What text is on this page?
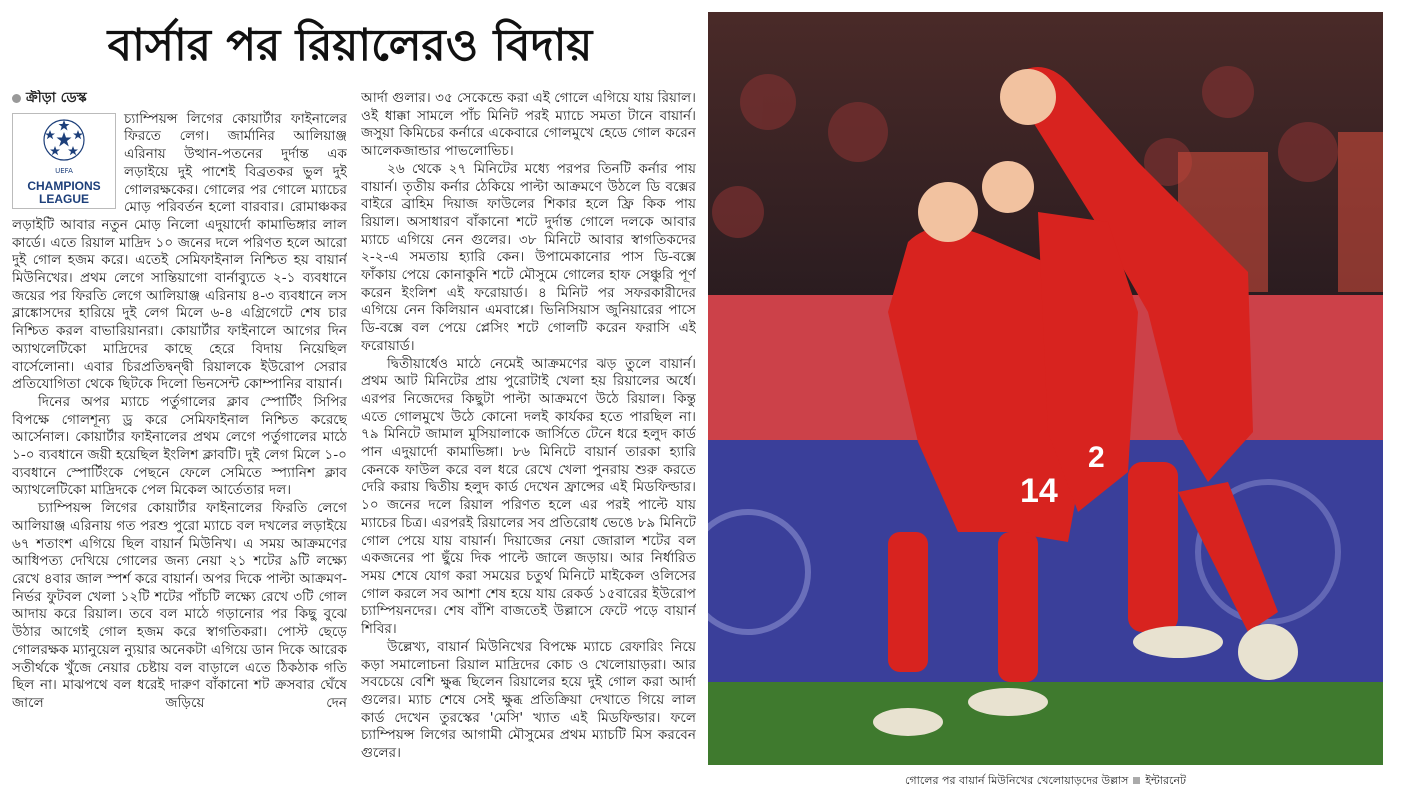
বার্সার পর রিয়ালেরও বিদায়
ক্রীড়া ডেস্ক
UEFA
CHAMPIONS
LEAGUE

চ্যাম্পিয়ন্স লিগের কোয়ার্টার ফাইনালের ফিরতে লেগ। জার্মানির আলিয়াঞ্জ এরিনায় উত্থান-পতনের দুর্দান্ত এক লড়াইয়ে দুই পাশেই বিব্রতকর ভুল দুই গোলরক্ষকের। গোলের পর গোলে ম্যাচের মোড় পরিবর্তন হলো বারবার। রোমাঞ্চকর লড়াইটি আবার নতুন মোড় নিলো এদুয়ার্দো কামাভিঙ্গার লাল কার্ডে। এতে রিয়াল মাদ্রিদ ১০ জনের দলে পরিণত হলে আরো দুই গোল হজম করে। এতেই সেমিফাইনাল নিশ্চিত হয় বায়ার্ন মিউনিখের। প্রথম লেগে সান্তিয়াগো বার্নাব্যুতে ২-১ ব্যবধানে জয়ের পর ফিরতি লেগে আলিয়াঞ্জ এরিনায় ৪-৩ ব্যবধানে লস ব্লাঙ্কোসদের হারিয়ে দুই লেগ মিলে ৬-৪ এগ্রিগেটে শেষ চার নিশ্চিত করল বাভারিয়ানরা। কোয়ার্টার ফাইনালে আগের দিন অ্যাথলেটিকো মাদ্রিদের কাছে হেরে বিদায় নিয়েছিল বার্সেলোনা। এবার চিরপ্রতিদ্বন্দ্বী রিয়ালকে ইউরোপ সেরার প্রতিযোগিতা থেকে ছিটকে দিলো ভিনসেন্ট কোম্পানির বায়ার্ন।

দিনের অপর ম্যাচে পর্তুগালের ক্লাব স্পোর্টিং সিপির বিপক্ষে গোলশূন্য ড্র করে সেমিফাইনাল নিশ্চিত করেছে আর্সেনাল। কোয়ার্টার ফাইনালের প্রথম লেগে পর্তুগালের মাঠে ১-০ ব্যবধানে জয়ী হয়েছিল ইংলিশ ক্লাবটি। দুই লেগ মিলে ১-০ ব্যবধানে স্পোর্টিংকে পেছনে ফেলে সেমিতে স্প্যানিশ ক্লাব অ্যাথলেটিকো মাদ্রিদকে পেল মিকেল আর্তেতার দল।

চ্যাম্পিয়ন্স লিগের কোয়ার্টার ফাইনালের ফিরতি লেগে আলিয়াঞ্জ এরিনায় গত পরশু পুরো ম্যাচে বল দখলের লড়াইয়ে ৬৭ শতাংশ এগিয়ে ছিল বায়ার্ন মিউনিখ। এ সময় আক্রমণের আধিপত্য দেখিয়ে গোলের জন্য নেয়া ২১ শটের ৯টি লক্ষ্যে রেখে ৪বার জাল স্পর্শ করে বায়ার্ন। অপর দিকে পাল্টা আক্রমণ-নির্ভর ফুটবল খেলা ১২টি শটের পাঁচটি লক্ষ্যে রেখে ৩টি গোল আদায় করে রিয়াল। তবে বল মাঠে গড়ানোর পর কিছু বুঝে উঠার আগেই গোল হজম করে স্বাগতিকরা। পোস্ট ছেড়ে গোলরক্ষক ম্যানুয়েল ন্যুয়ার অনেকটা এগিয়ে ডান দিকে আরেক সতীর্থকে খুঁজে নেয়ার চেষ্টায় বল বাড়ালে এতে ঠিকঠাক গতি ছিল না। মাঝপথে বল ধরেই দারুণ বাঁকানো শট ক্রসবার ঘেঁষে জালে জড়িয়ে দেন

আর্দা গুলার। ৩৫ সেকেন্ডে করা এই গোলে এগিয়ে যায় রিয়াল। ওই ধাক্কা সামলে পাঁচ মিনিট পরই ম্যাচে সমতা টানে বায়ার্ন। জসুয়া কিমিচের কর্নারে একেবারে গোলমুখে হেডে গোল করেন আলেকজান্ডার পাভলোভিচ।

২৬ থেকে ২৭ মিনিটের মধ্যে পরপর তিনটি কর্নার পায় বায়ার্ন। তৃতীয় কর্নার ঠেকিয়ে পাল্টা আক্রমণে উঠলে ডি বক্সের বাইরে ব্রাহিম দিয়াজ ফাউলের শিকার হলে ফ্রি কিক পায় রিয়াল। অসাধারণ বাঁকানো শটে দুর্দান্ত গোলে দলকে আবার ম্যাচে এগিয়ে নেন গুলের। ৩৮ মিনিটে আবার স্বাগতিকদের ২-২-এ সমতায় হ্যারি কেন। উপামেকানোর পাস ডি-বক্সে ফাঁকায় পেয়ে কোনাকুনি শটে মৌসুমে গোলের হাফ সেঞ্চুরি পূর্ণ করেন ইংলিশ এই ফরোয়ার্ড। ৪ মিনিট পর সফরকারীদের এগিয়ে নেন কিলিয়ান এমবাপ্পে। ভিনিসিয়াস জুনিয়ারের পাসে ডি-বক্সে বল পেয়ে প্লেসিং শটে গোলটি করেন ফরাসি এই ফরোয়ার্ড।

দ্বিতীয়ার্ধেও মাঠে নেমেই আক্রমণের ঝড় তুলে বায়ার্ন। প্রথম আট মিনিটের প্রায় পুরোটাই খেলা হয় রিয়ালের অর্ধে। এরপর নিজেদের কিছুটা পাল্টা আক্রমণে উঠে রিয়াল। কিন্তু এতে গোলমুখে উঠে কোনো দলই কার্যকর হতে পারছিল না। ৭৯ মিনিটে জামাল মুসিয়ালাকে জার্সিতে টেনে ধরে হলুদ কার্ড পান এদুয়ার্দো কামাভিঙ্গা। ৮৬ মিনিটে বায়ার্ন তারকা হ্যারি কেনকে ফাউল করে বল ধরে রেখে খেলা পুনরায় শুরু করতে দেরি করায় দ্বিতীয় হলুদ কার্ড দেখেন ফ্রান্সের এই মিডফিল্ডার। ১০ জনের দলে রিয়াল পরিণত হলে এর পরই পাল্টে যায় ম্যাচের চিত্র। এরপরই রিয়ালের সব প্রতিরোধ ভেঙে ৮৯ মিনিটে গোল পেয়ে যায় বায়ার্ন। দিয়াজের নেয়া জোরাল শটের বল একজনের পা ছুঁয়ে দিক পাল্টে জালে জড়ায়। আর নির্ধারিত সময় শেষে যোগ করা সময়ের চতুর্থ মিনিটে মাইকেল ওলিসের গোল করলে সব আশা শেষ হয়ে যায় রেকর্ড ১৫বারের ইউরোপ চ্যাম্পিয়নদের। শেষ বাঁশি বাজতেই উল্লাসে ফেটে পড়ে বায়ার্ন শিবির।

উল্লেখ্য, বায়ার্ন মিউনিখের বিপক্ষে ম্যাচে রেফারিং নিয়ে কড়া সমালোচনা রিয়াল মাদ্রিদের কোচ ও খেলোয়াড়রা। আর সবচেয়ে বেশি ক্ষুব্ধ ছিলেন রিয়ালের হয়ে দুই গোল করা আর্দা গুলের। ম্যাচ শেষে সেই ক্ষুব্ধ প্রতিক্রিয়া দেখাতে গিয়ে লাল কার্ড দেখেন তুরস্কের 'মেসি' খ্যাত এই মিডফিল্ডার। ফলে চ্যাম্পিয়ন্স লিগের আগামী মৌসুমের প্রথম ম্যাচটি মিস করবেন গুলের।

14
2
গোলের পর বায়ার্ন মিউনিখের খেলোয়াড়দের উল্লাস ইন্টারনেট
